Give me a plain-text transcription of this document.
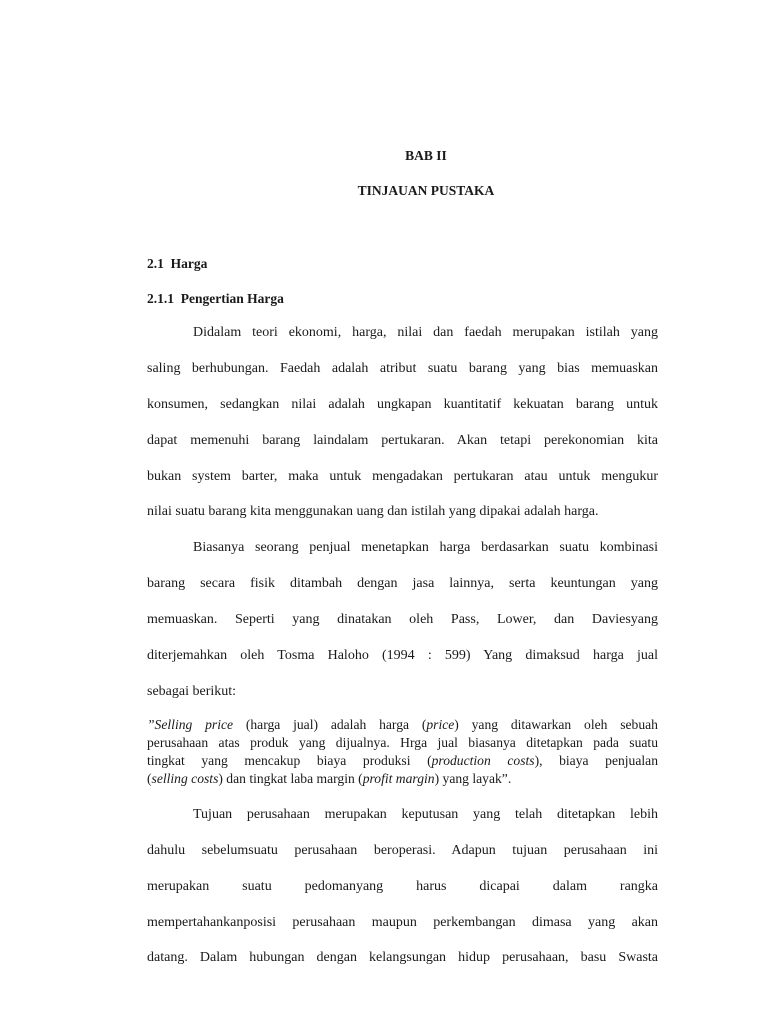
BAB II
TINJAUAN PUSTAKA
2.1 Harga
2.1.1 Pengertian Harga

Didalam teori ekonomi, harga, nilai dan faedah merupakan istilah yang

saling berhubungan. Faedah adalah atribut suatu barang yang bias memuaskan

konsumen, sedangkan nilai adalah ungkapan kuantitatif kekuatan barang untuk

dapat memenuhi barang laindalam pertukaran. Akan tetapi perekonomian kita

bukan system barter, maka untuk mengadakan pertukaran atau untuk mengukur

nilai suatu barang kita menggunakan uang dan istilah yang dipakai adalah harga.

Biasanya seorang penjual menetapkan harga berdasarkan suatu kombinasi

barang secara fisik ditambah dengan jasa lainnya, serta keuntungan yang

memuaskan. Seperti yang dinatakan oleh Pass, Lower, dan Daviesyang

diterjemahkan oleh Tosma Haloho (1994 : 599) Yang dimaksud harga jual

sebagai berikut:

”Selling price (harga jual) adalah harga (price) yang ditawarkan oleh sebuah

perusahaan atas produk yang dijualnya. Hrga jual biasanya ditetapkan pada suatu

tingkat yang mencakup biaya produksi (production costs), biaya penjualan

(selling costs) dan tingkat laba margin (profit margin) yang layak”.

Tujuan perusahaan merupakan keputusan yang telah ditetapkan lebih

dahulu sebelumsuatu perusahaan beroperasi. Adapun tujuan perusahaan ini

merupakan suatu pedomanyang harus dicapai dalam rangka

mempertahankanposisi perusahaan maupun perkembangan dimasa yang akan

datang. Dalam hubungan dengan kelangsungan hidup perusahaan, basu Swasta
